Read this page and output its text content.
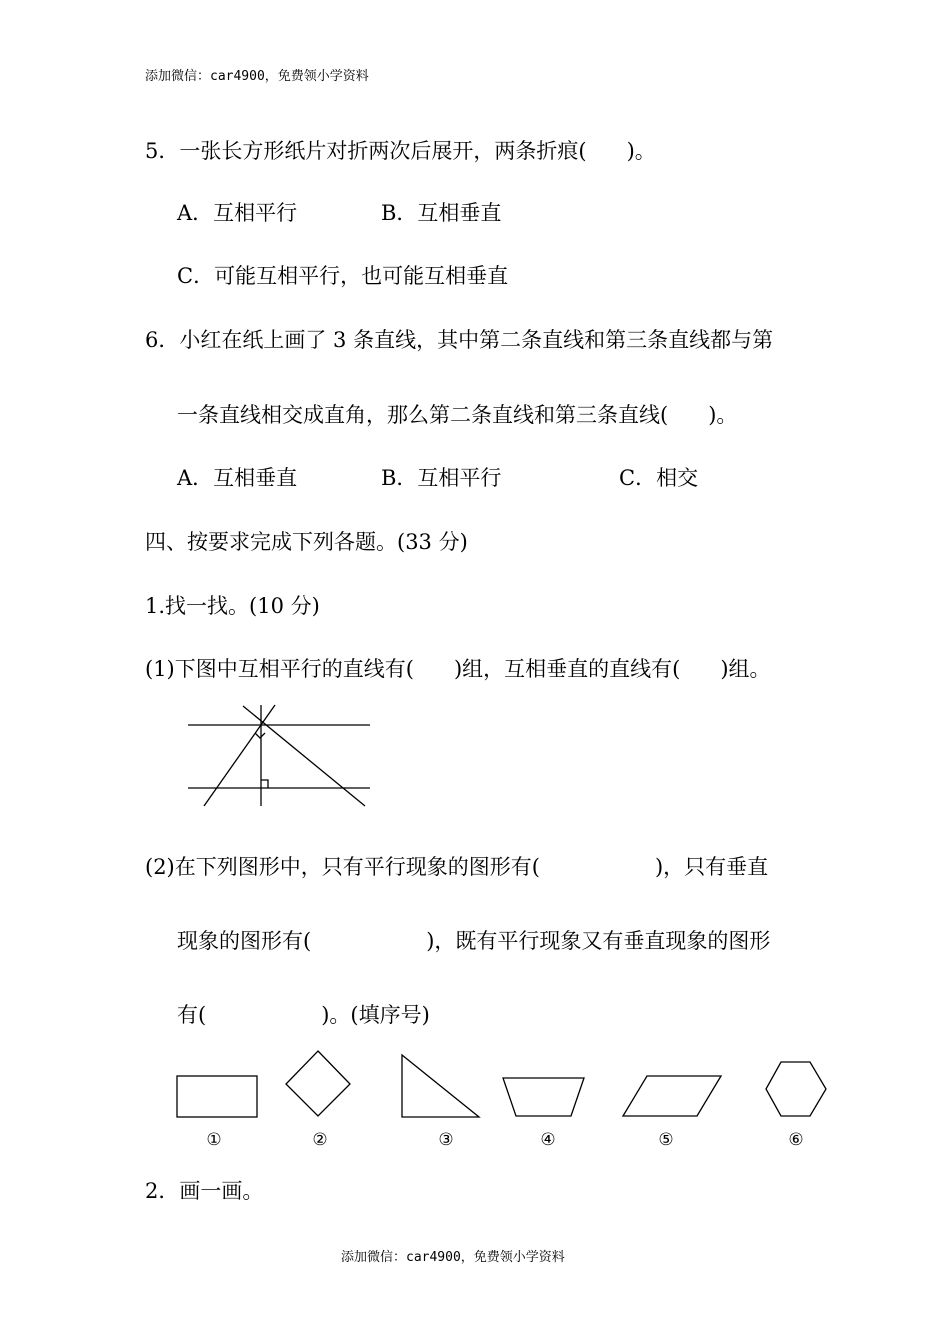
添加微信：car4900，免费领小学资料
5．一张长方形纸片对折两次后展开，两条折痕( )。
A．互相平行	B．互相垂直
C．可能互相平行，也可能互相垂直
6．小红在纸上画了 3 条直线，其中第二条直线和第三条直线都与第
一条直线相交成直角，那么第二条直线和第三条直线( )。
A．互相垂直	B．互相平行	C．相交
四、按要求完成下列各题。(33 分)
1.找一找。(10 分)
(1)下图中互相平行的直线有( )组，互相垂直的直线有( )组。
(2)在下列图形中，只有平行现象的图形有(	)，只有垂直
现象的图形有(	)，既有平行现象又有垂直现象的图形
有(	)。(填序号)
①	②	③	④	⑤	⑥
2．画一画。
添加微信：car4900，免费领小学资料
